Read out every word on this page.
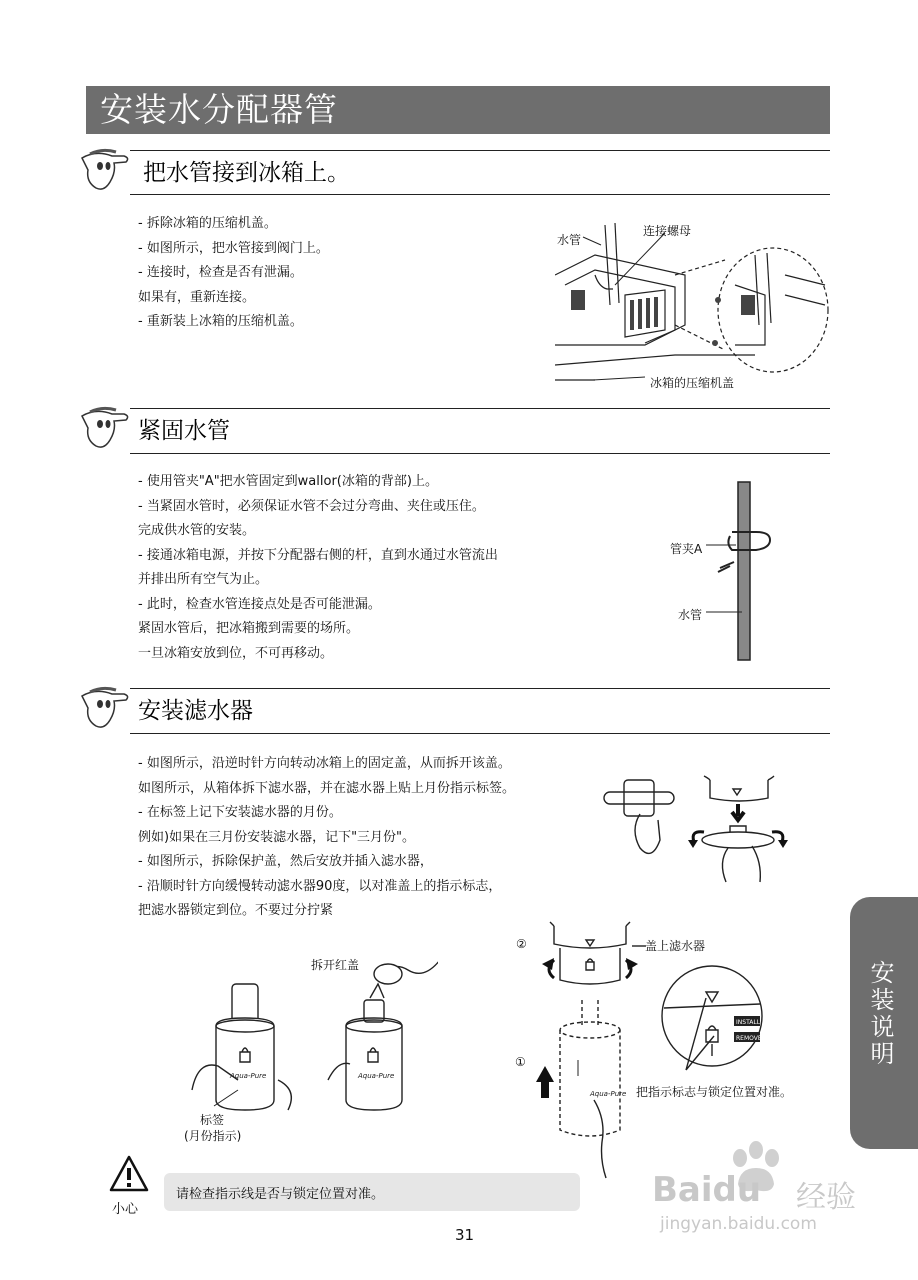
安装水分配器管
把水管接到冰箱上。
- 拆除冰箱的压缩机盖。
- 如图所示，把水管接到阀门上。
- 连接时，检查是否有泄漏。
如果有，重新连接。
- 重新装上冰箱的压缩机盖。
水管
连接螺母
冰箱的压缩机盖
紧固水管
- 使用管夹"A"把水管固定到wallor(冰箱的背部)上。
- 当紧固水管时，必须保证水管不会过分弯曲、夹住或压住。
完成供水管的安装。
- 接通冰箱电源，并按下分配器右侧的杆，直到水通过水管流出
并排出所有空气为止。
- 此时，检查水管连接点处是否可能泄漏。
紧固水管后，把冰箱搬到需要的场所。
一旦冰箱安放到位，不可再移动。
管夹A
水管
安装滤水器
- 如图所示，沿逆时针方向转动冰箱上的固定盖，从而拆开该盖。
如图所示，从箱体拆下滤水器，并在滤水器上贴上月份指示标签。
- 在标签上记下安装滤水器的月份。
例如)如果在三月份安装滤水器，记下"三月份"。
- 如图所示，拆除保护盖，然后安放并插入滤水器，
- 沿顺时针方向缓慢转动滤水器90度，以对准盖上的指示标志，
把滤水器锁定到位。不要过分拧紧
Aqua-Pure	Aqua-Pure
拆开红盖
标签
(月份指示)
INSTALL
REMOVE
Aqua-Pure
②
①
盖上滤水器
把指示标志与锁定位置对准。
小心
请检查指示线是否与锁定位置对准。
安装说明
31
Baidu 经验
jingyan.baidu.com
